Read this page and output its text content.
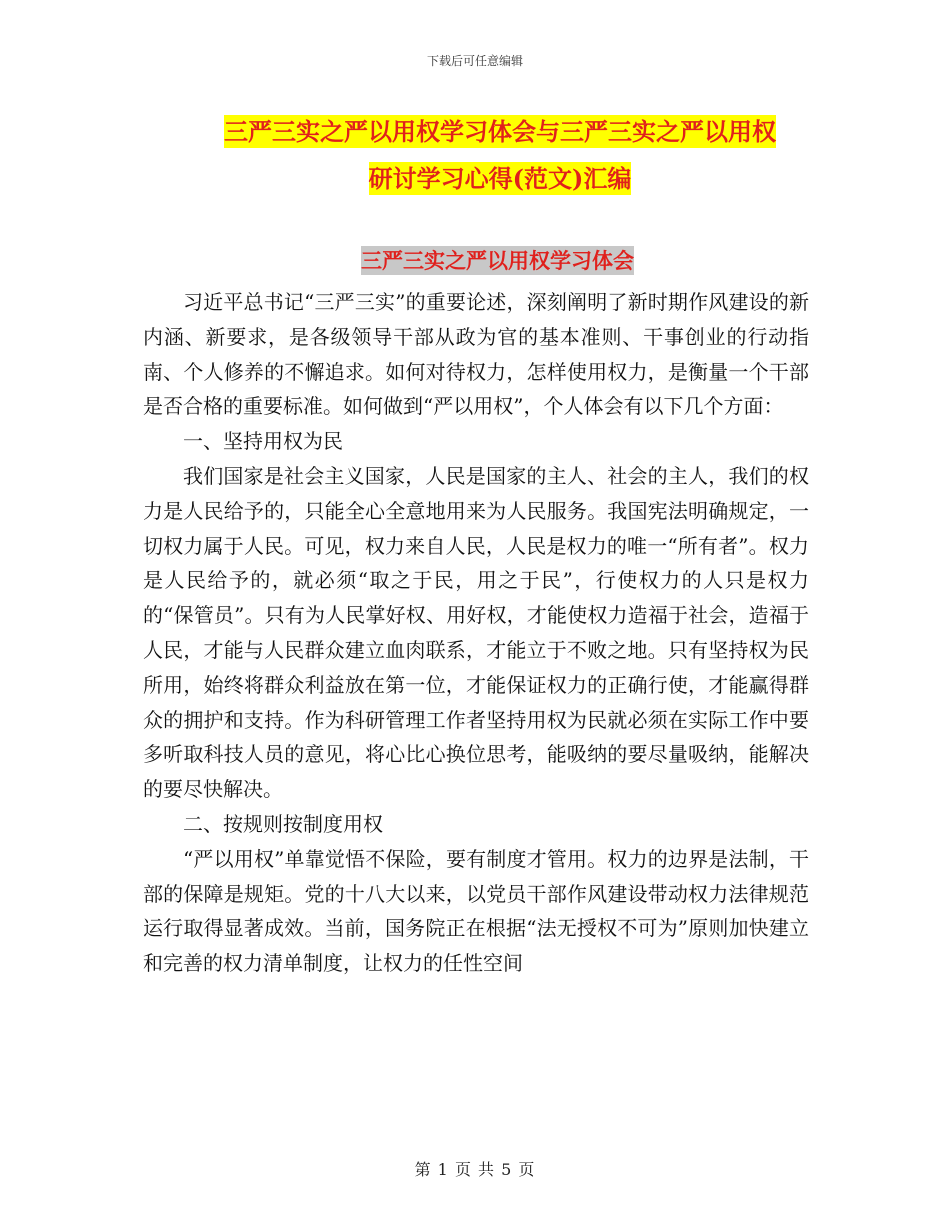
下载后可任意编辑
三严三实之严以用权学习体会与三严三实之严以用权
研讨学习心得(范文)汇编
三严三实之严以用权学习体会

习近平总书记“三严三实”的重要论述，深刻阐明了新时期作风建设的新内涵、新要求，是各级领导干部从政为官的基本准则、干事创业的行动指南、个人修养的不懈追求。如何对待权力，怎样使用权力，是衡量一个干部是否合格的重要标准。如何做到“严以用权”，个人体会有以下几个方面：

一、坚持用权为民

我们国家是社会主义国家，人民是国家的主人、社会的主人，我们的权力是人民给予的，只能全心全意地用来为人民服务。我国宪法明确规定，一切权力属于人民。可见，权力来自人民，人民是权力的唯一“所有者”。权力是人民给予的，就必须“取之于民，用之于民”，行使权力的人只是权力的“保管员”。只有为人民掌好权、用好权，才能使权力造福于社会，造福于人民，才能与人民群众建立血肉联系，才能立于不败之地。只有坚持权为民所用，始终将群众利益放在第一位，才能保证权力的正确行使，才能赢得群众的拥护和支持。作为科研管理工作者坚持用权为民就必须在实际工作中要多听取科技人员的意见，将心比心换位思考，能吸纳的要尽量吸纳，能解决的要尽快解决。

二、按规则按制度用权

“严以用权”单靠觉悟不保险，要有制度才管用。权力的边界是法制，干部的保障是规矩。党的十八大以来，以党员干部作风建设带动权力法律规范运行取得显著成效。当前，国务院正在根据“法无授权不可为”原则加快建立和完善的权力清单制度，让权力的任性空间

第 1 页 共 5 页
